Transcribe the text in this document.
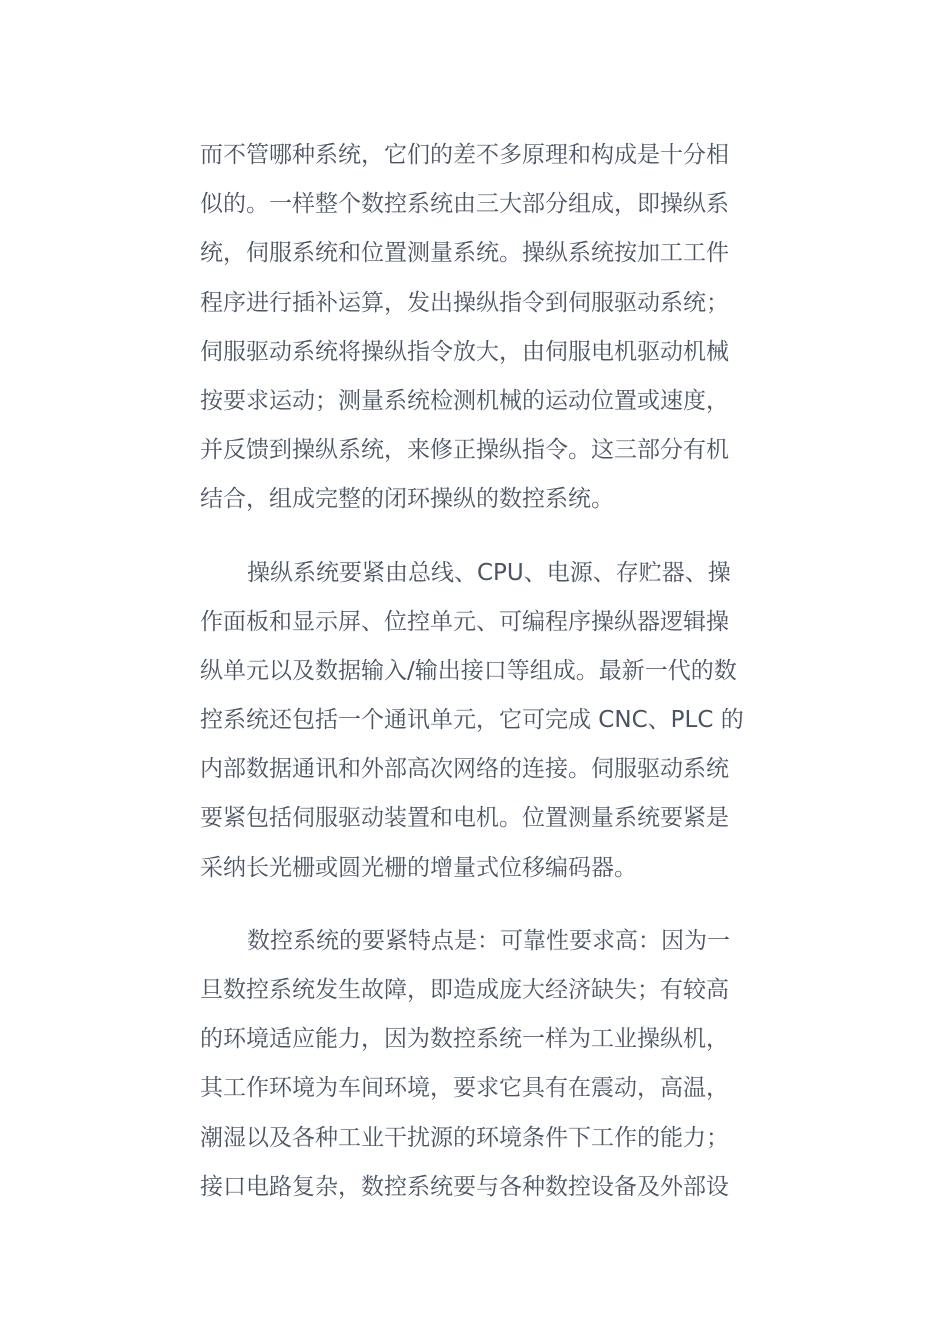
而不管哪种系统，它们的差不多原理和构成是十分相
似的。一样整个数控系统由三大部分组成，即操纵系
统，伺服系统和位置测量系统。操纵系统按加工工件
程序进行插补运算，发出操纵指令到伺服驱动系统；
伺服驱动系统将操纵指令放大，由伺服电机驱动机械
按要求运动；测量系统检测机械的运动位置或速度，
并反馈到操纵系统，来修正操纵指令。这三部分有机
结合，组成完整的闭环操纵的数控系统。
操纵系统要紧由总线、CPU、电源、存贮器、操
作面板和显示屏、位控单元、可编程序操纵器逻辑操
纵单元以及数据输入/输出接口等组成。最新一代的数
控系统还包括一个通讯单元，它可完成 CNC、PLC 的
内部数据通讯和外部高次网络的连接。伺服驱动系统
要紧包括伺服驱动装置和电机。位置测量系统要紧是
采纳长光栅或圆光栅的增量式位移编码器。
数控系统的要紧特点是：可靠性要求高：因为一
旦数控系统发生故障，即造成庞大经济缺失；有较高
的环境适应能力，因为数控系统一样为工业操纵机，
其工作环境为车间环境，要求它具有在震动，高温，
潮湿以及各种工业干扰源的环境条件下工作的能力；
接口电路复杂，数控系统要与各种数控设备及外部设
